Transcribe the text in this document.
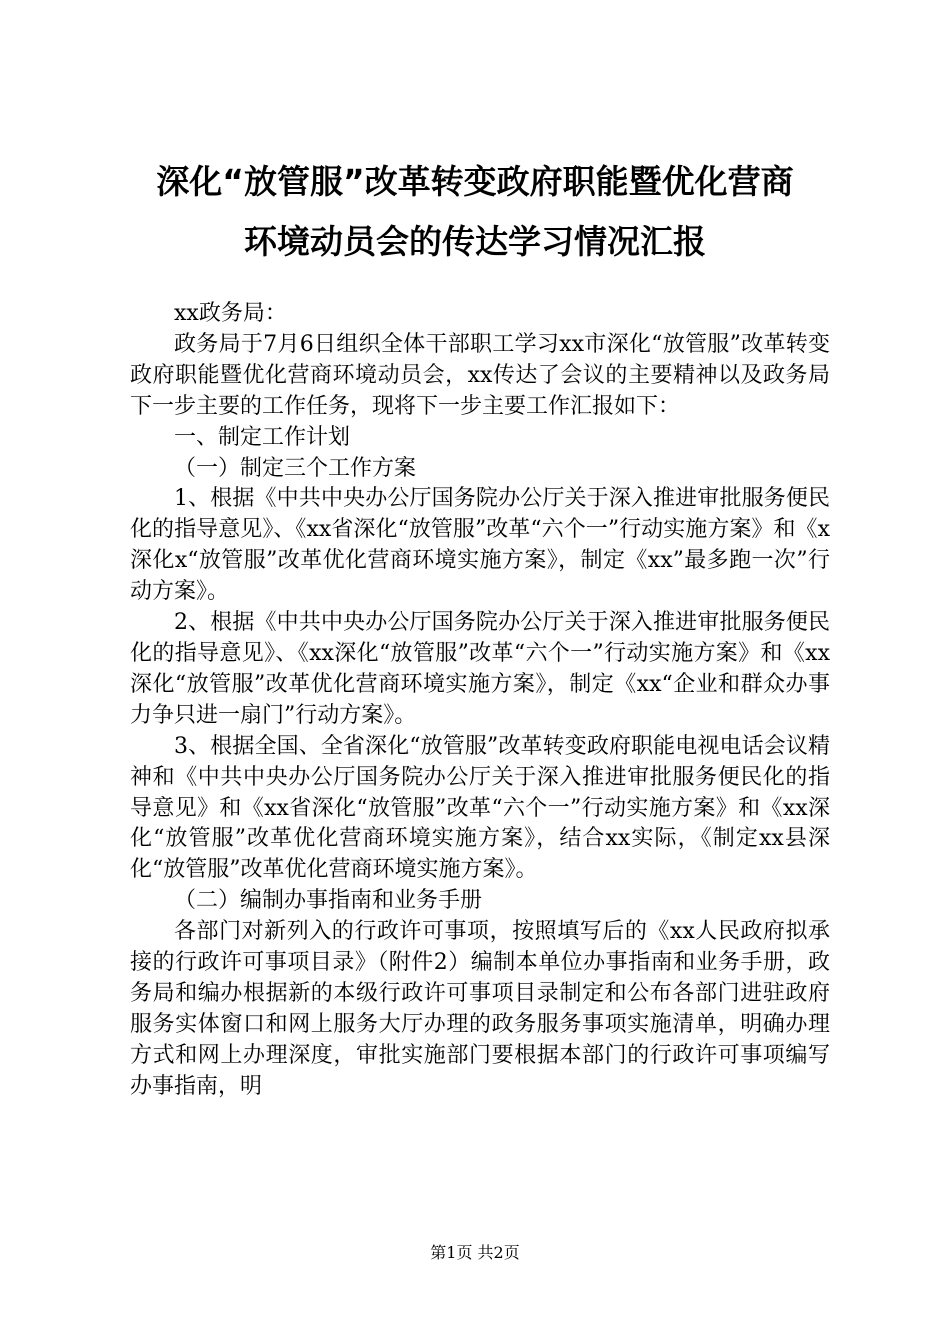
深化“放管服”改革转变政府职能暨优化营商
环境动员会的传达学习情况汇报

xx政务局：

政务局于7月6日组织全体干部职工学习xx市深化“放管服”改革转变政府职能暨优化营商环境动员会，xx传达了会议的主要精神以及政务局下一步主要的工作任务，现将下一步主要工作汇报如下：

一、制定工作计划

（一）制定三个工作方案

1、根据《中共中央办公厅国务院办公厅关于深入推进审批服务便民化的指导意见》、《xx省深化“放管服”改革“六个一”行动实施方案》和《x深化x“放管服”改革优化营商环境实施方案》，制定《xx”最多跑一次”行动方案》。

2、根据《中共中央办公厅国务院办公厅关于深入推进审批服务便民化的指导意见》、《xx深化“放管服”改革“六个一”行动实施方案》和《xx深化“放管服”改革优化营商环境实施方案》，制定《xx“企业和群众办事力争只进一扇门”行动方案》。

3、根据全国、全省深化“放管服”改革转变政府职能电视电话会议精神和《中共中央办公厅国务院办公厅关于深入推进审批服务便民化的指导意见》和《xx省深化“放管服”改革“六个一”行动实施方案》和《xx深化“放管服”改革优化营商环境实施方案》，结合xx实际，《制定xx县深化“放管服”改革优化营商环境实施方案》。

（二）编制办事指南和业务手册

各部门对新列入的行政许可事项，按照填写后的《xx人民政府拟承接的行政许可事项目录》（附件2）编制本单位办事指南和业务手册，政务局和编办根据新的本级行政许可事项目录制定和公布各部门进驻政府服务实体窗口和网上服务大厅办理的政务服务事项实施清单，明确办理方式和网上办理深度，审批实施部门要根据本部门的行政许可事项编写办事指南，明

第1页 共2页
